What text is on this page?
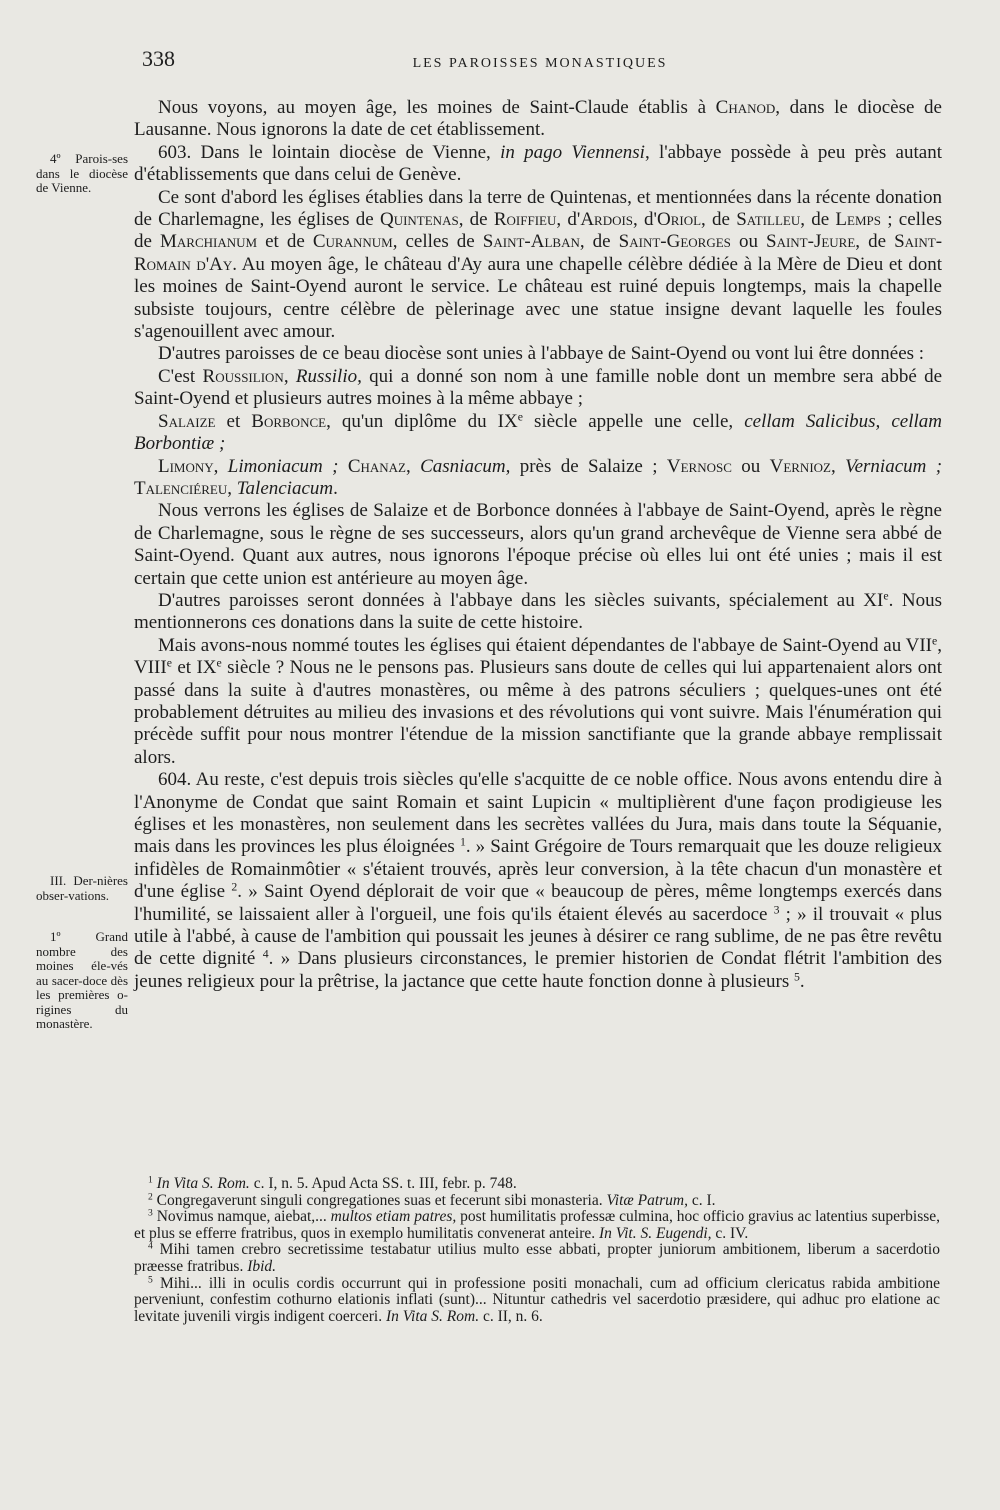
338	LES PAROISSES MONASTIQUES
4º Parois-ses dans le diocèse de Vienne.
III. Der-nières obser-vations.
1º Grand nombre des moines éle-vés au sacer-doce dès les premières o-rigines du monastère.

Nous voyons, au moyen âge, les moines de Saint-Claude établis à Chanod, dans le diocèse de Lausanne. Nous ignorons la date de cet établissement.

603. Dans le lointain diocèse de Vienne, in pago Viennensi, l'abbaye possède à peu près autant d'établissements que dans celui de Genève.

Ce sont d'abord les églises établies dans la terre de Quintenas, et mentionnées dans la récente donation de Charlemagne, les églises de Quintenas, de Roiffieu, d'Ardois, d'Oriol, de Satilleu, de Lemps ; celles de Marchianum et de Curannum, celles de Saint-Alban, de Saint-Georges ou Saint-Jeure, de Saint-Romain d'Ay. Au moyen âge, le château d'Ay aura une chapelle célèbre dédiée à la Mère de Dieu et dont les moines de Saint-Oyend auront le service. Le château est ruiné depuis longtemps, mais la chapelle subsiste toujours, centre célèbre de pèlerinage avec une statue insigne devant laquelle les foules s'agenouillent avec amour.

D'autres paroisses de ce beau diocèse sont unies à l'abbaye de Saint-Oyend ou vont lui être données :

C'est Roussilion, Russilio, qui a donné son nom à une famille noble dont un membre sera abbé de Saint-Oyend et plusieurs autres moines à la même abbaye ;

Salaize et Borbonce, qu'un diplôme du IXe siècle appelle une celle, cellam Salicibus, cellam Borbontiæ ;

Limony, Limoniacum ; Chanaz, Casniacum, près de Salaize ; Vernosc ou Vernioz, Verniacum ; Talenciéreu, Talenciacum.

Nous verrons les églises de Salaize et de Borbonce données à l'abbaye de Saint-Oyend, après le règne de Charlemagne, sous le règne de ses successeurs, alors qu'un grand archevêque de Vienne sera abbé de Saint-Oyend. Quant aux autres, nous ignorons l'époque précise où elles lui ont été unies ; mais il est certain que cette union est antérieure au moyen âge.

D'autres paroisses seront données à l'abbaye dans les siècles suivants, spécialement au XIe. Nous mentionnerons ces donations dans la suite de cette histoire.

Mais avons-nous nommé toutes les églises qui étaient dépendantes de l'abbaye de Saint-Oyend au VIIe, VIIIe et IXe siècle ? Nous ne le pensons pas. Plusieurs sans doute de celles qui lui appartenaient alors ont passé dans la suite à d'autres monastères, ou même à des patrons séculiers ; quelques-unes ont été probablement détruites au milieu des invasions et des révolutions qui vont suivre. Mais l'énumération qui précède suffit pour nous montrer l'étendue de la mission sanctifiante que la grande abbaye remplissait alors.

604. Au reste, c'est depuis trois siècles qu'elle s'acquitte de ce noble office. Nous avons entendu dire à l'Anonyme de Condat que saint Romain et saint Lupicin « multiplièrent d'une façon prodigieuse les églises et les monastères, non seulement dans les secrètes vallées du Jura, mais dans toute la Séquanie, mais dans les provinces les plus éloignées $^1$. » Saint Grégoire de Tours remarquait que les douze religieux infidèles de Romainmôtier « s'étaient trouvés, après leur conversion, à la tête chacun d'un monastère et d'une église $^2$. » Saint Oyend déplorait de voir que « beaucoup de pères, même longtemps exercés dans l'humilité, se laissaient aller à l'orgueil, une fois qu'ils étaient élevés au sacerdoce $^3$ ; » il trouvait « plus utile à l'abbé, à cause de l'ambition qui poussait les jeunes à désirer ce rang sublime, de ne pas être revêtu de cette dignité $^4$. » Dans plusieurs circonstances, le premier historien de Condat flétrit l'ambition des jeunes religieux pour la prêtrise, la jactance que cette haute fonction donne à plusieurs $^5$.

$^1$ In Vita S. Rom. c. I, n. 5. Apud Acta SS. t. III, febr. p. 748.

$^2$ Congregaverunt singuli congregationes suas et fecerunt sibi monasteria. Vitæ Patrum, c. I.

$^3$ Novimus namque, aiebat,... multos etiam patres, post humilitatis professæ culmina, hoc officio gravius ac latentius superbisse, et plus se efferre fratribus, quos in exemplo humilitatis convenerat anteire. In Vit. S. Eugendi, c. IV.

$^4$ Mihi tamen crebro secretissime testabatur utilius multo esse abbati, propter juniorum ambitionem, liberum a sacerdotio præesse fratribus. Ibid.

$^5$ Mihi... illi in oculis cordis occurrunt qui in professione positi monachali, cum ad officium clericatus rabida ambitione perveniunt, confestim cothurno elationis inflati (sunt)... Nituntur cathedris vel sacerdotio præsidere, qui adhuc pro elatione ac levitate juvenili virgis indigent coerceri. In Vita S. Rom. c. II, n. 6.
